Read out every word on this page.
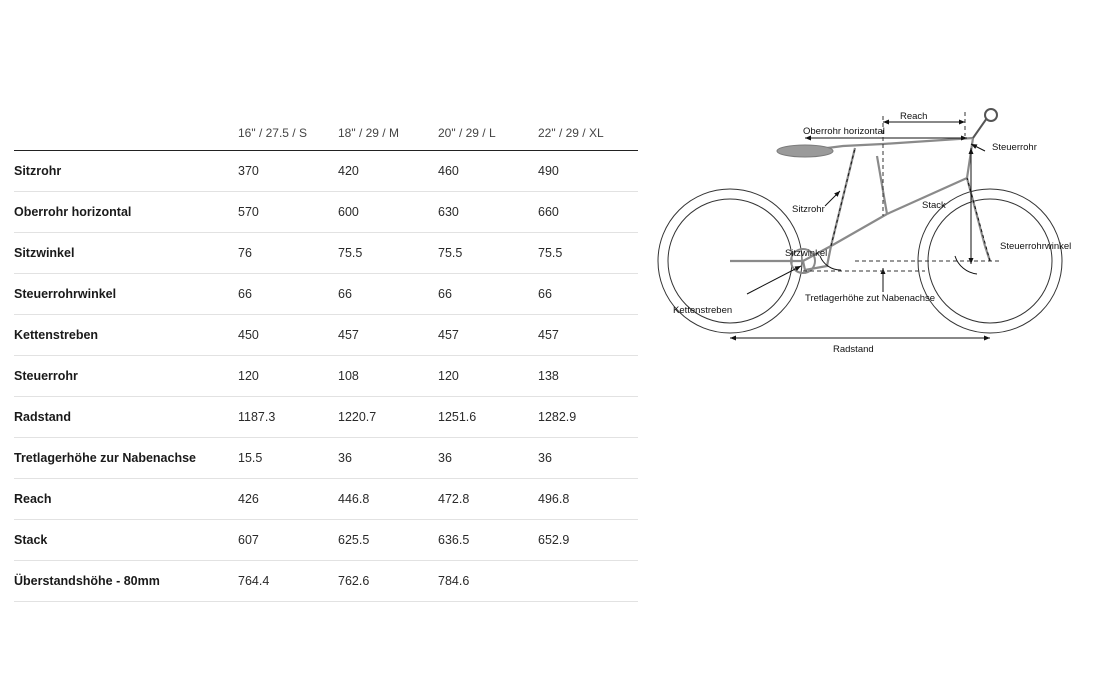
	16" / 27.5 / S	18" / 29 / M	20" / 29 / L	22" / 29 / XL
Sitzrohr	370	420	460	490
Oberrohr horizontal	570	600	630	660
Sitzwinkel	76	75.5	75.5	75.5
Steuerrohrwinkel	66	66	66	66
Kettenstreben	450	457	457	457
Steuerrohr	120	108	120	138
Radstand	1187.3	1220.7	1251.6	1282.9
Tretlagerhöhe zur Nabenachse	15.5	36	36	36
Reach	426	446.8	472.8	496.8
Stack	607	625.5	636.5	652.9
Überstandshöhe - 80mm	764.4	762.6	784.6	
Reach
Oberrohr horizontal
Steuerrohr
Sitzrohr	Stack
Sitzwinkel
Steuerrohrwinkel
Kettenstreben
Tretlagerhöhe zut Nabenachse
Radstand
